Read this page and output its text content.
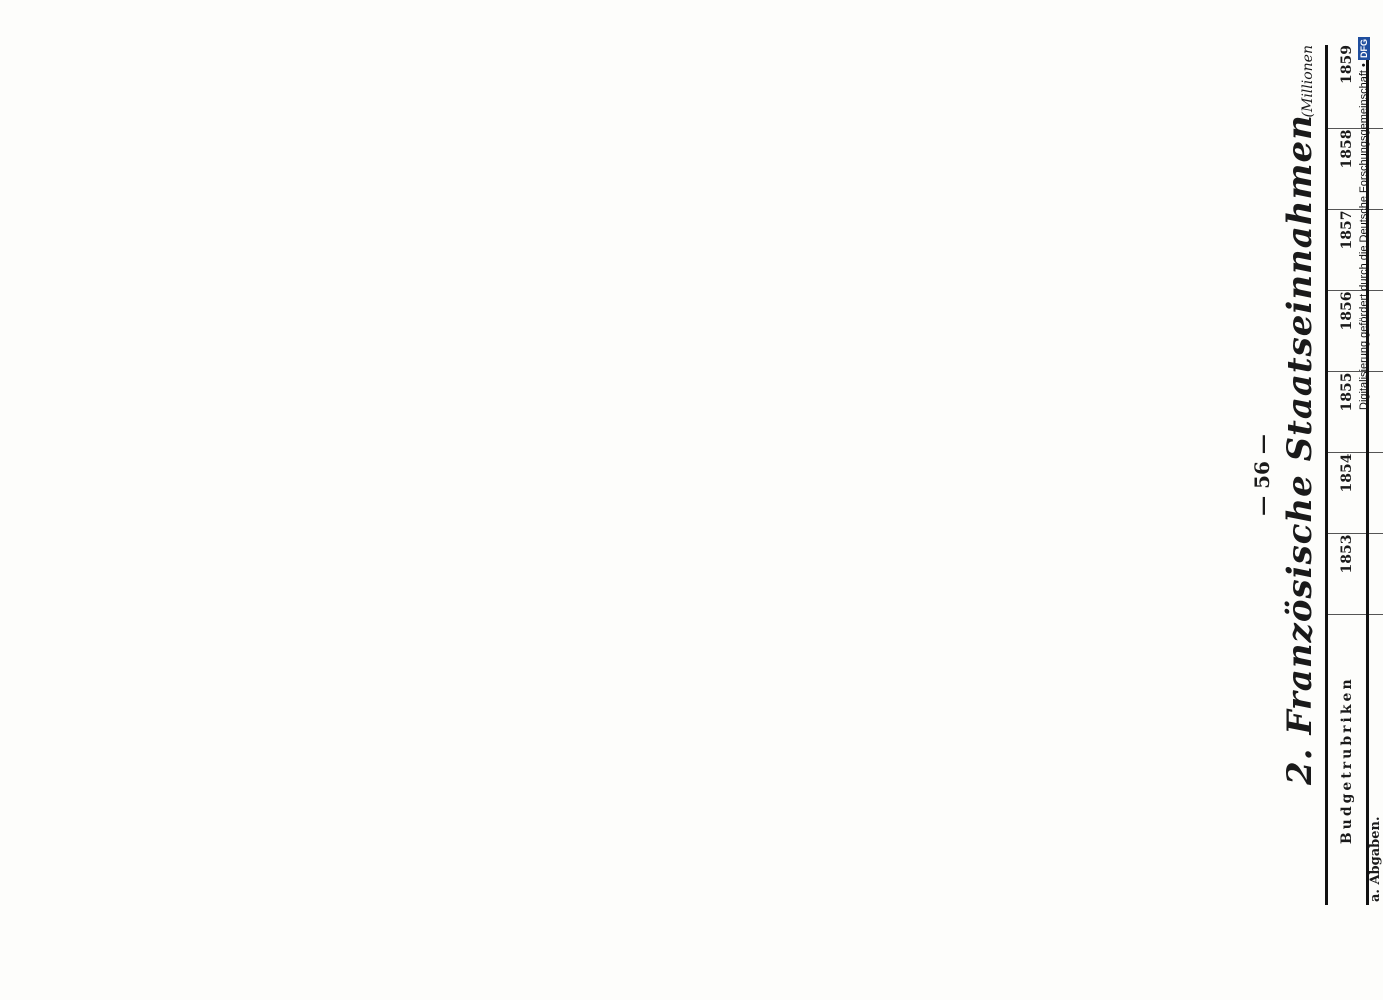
— 56 — 2. Französische Staatseinnahmen
(Millionen
Budgetrubriken	1853	1854	1855	1856	1857	1858	1859
a. Abgaben.							

Digitalisierung gefördert durch die Deutsche Forschungsgemeinschaft • DFG
